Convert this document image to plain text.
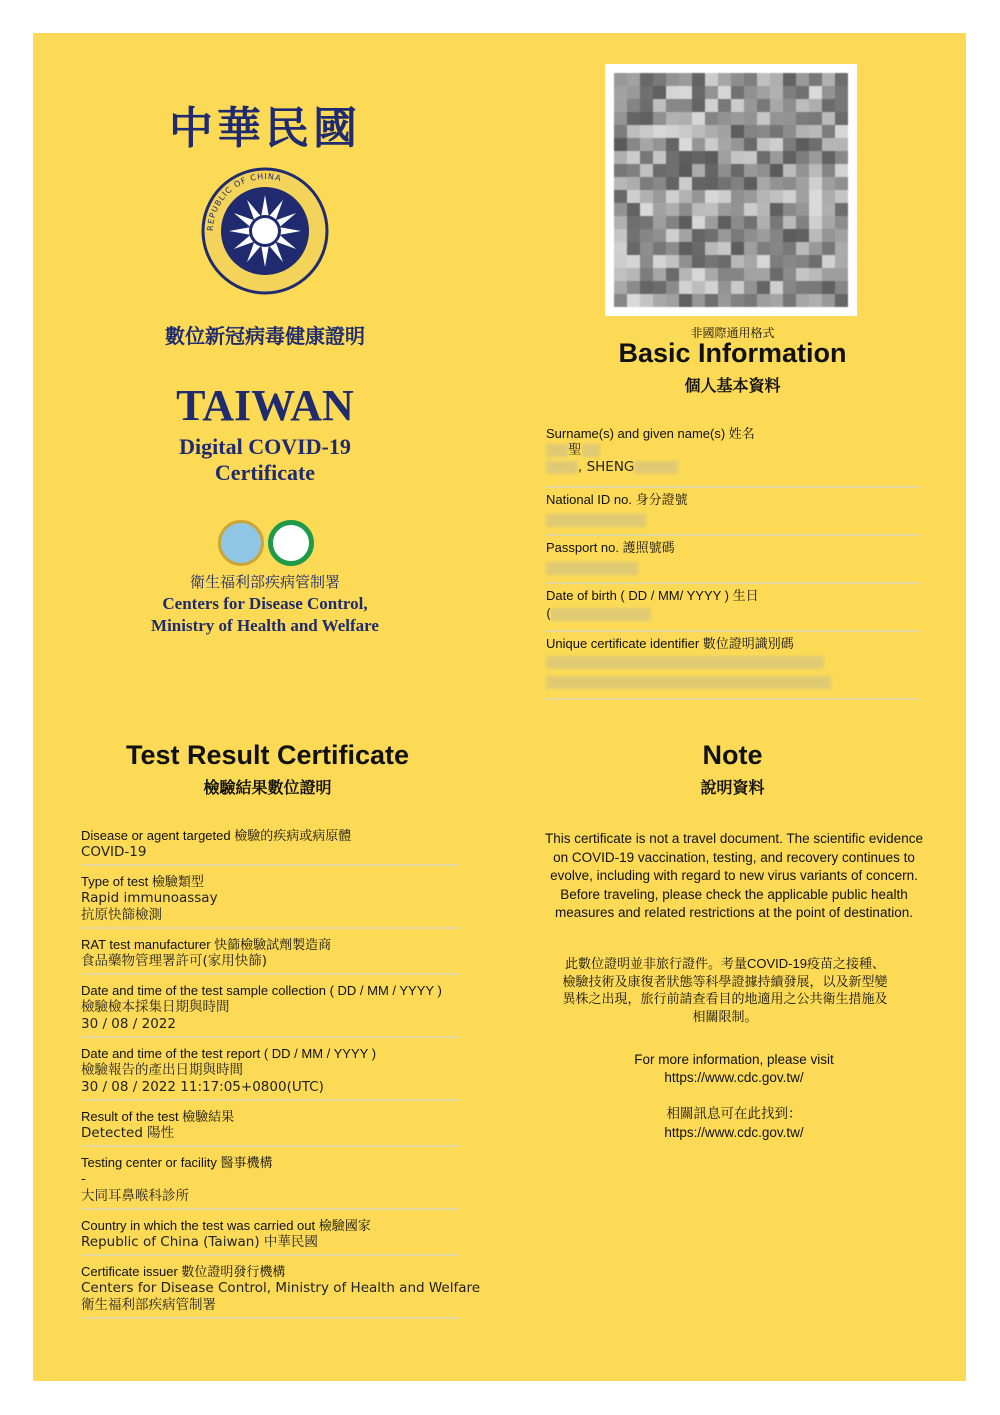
中華民國
REPUBLIC OF CHINA
數位新冠病毒健康證明
TAIWAN
Digital COVID-19
Certificate
衛生福利部疾病管制署
Centers for Disease Control,
Ministry of Health and Welfare
非國際通用格式
Basic Information
個人基本資料
Surname(s) and given name(s) 姓名
聖
, SHENG
National ID no. 身分證號
Passport no. 護照號碼
Date of birth ( DD / MM/ YYYY ) 生日
(
Unique certificate identifier 數位證明識別碼
Test Result Certificate
檢驗結果數位證明
Disease or agent targeted 檢驗的疾病或病原體
COVID-19
Type of test 檢驗類型
Rapid immunoassay
抗原快篩檢測
RAT test manufacturer 快篩檢驗試劑製造商
食品藥物管理署許可(家用快篩)
Date and time of the test sample collection ( DD / MM / YYYY )
檢驗檢本採集日期與時間
30 / 08 / 2022
Date and time of the test report ( DD / MM / YYYY )
檢驗報告的產出日期與時間
30 / 08 / 2022 11:17:05+0800(UTC)
Result of the test 檢驗結果
Detected 陽性
Testing center or facility 醫事機構
-
大同耳鼻喉科診所
Country in which the test was carried out 檢驗國家
Republic of China (Taiwan) 中華民國
Certificate issuer 數位證明發行機構
Centers for Disease Control, Ministry of Health and Welfare
衛生福利部疾病管制署
Note
說明資料
This certificate is not a travel document. The scientific evidence on COVID-19 vaccination, testing, and recovery continues to evolve, including with regard to new virus variants of concern. Before traveling, please check the applicable public health measures and related restrictions at the point of destination.
此數位證明並非旅行證件。考量COVID-19疫苗之接種、檢驗技術及康復者狀態等科學證據持續發展，以及新型變異株之出現，旅行前請查看目的地適用之公共衛生措施及相關限制。
For more information, please visit
https://www.cdc.gov.tw/
相關訊息可在此找到：
https://www.cdc.gov.tw/
